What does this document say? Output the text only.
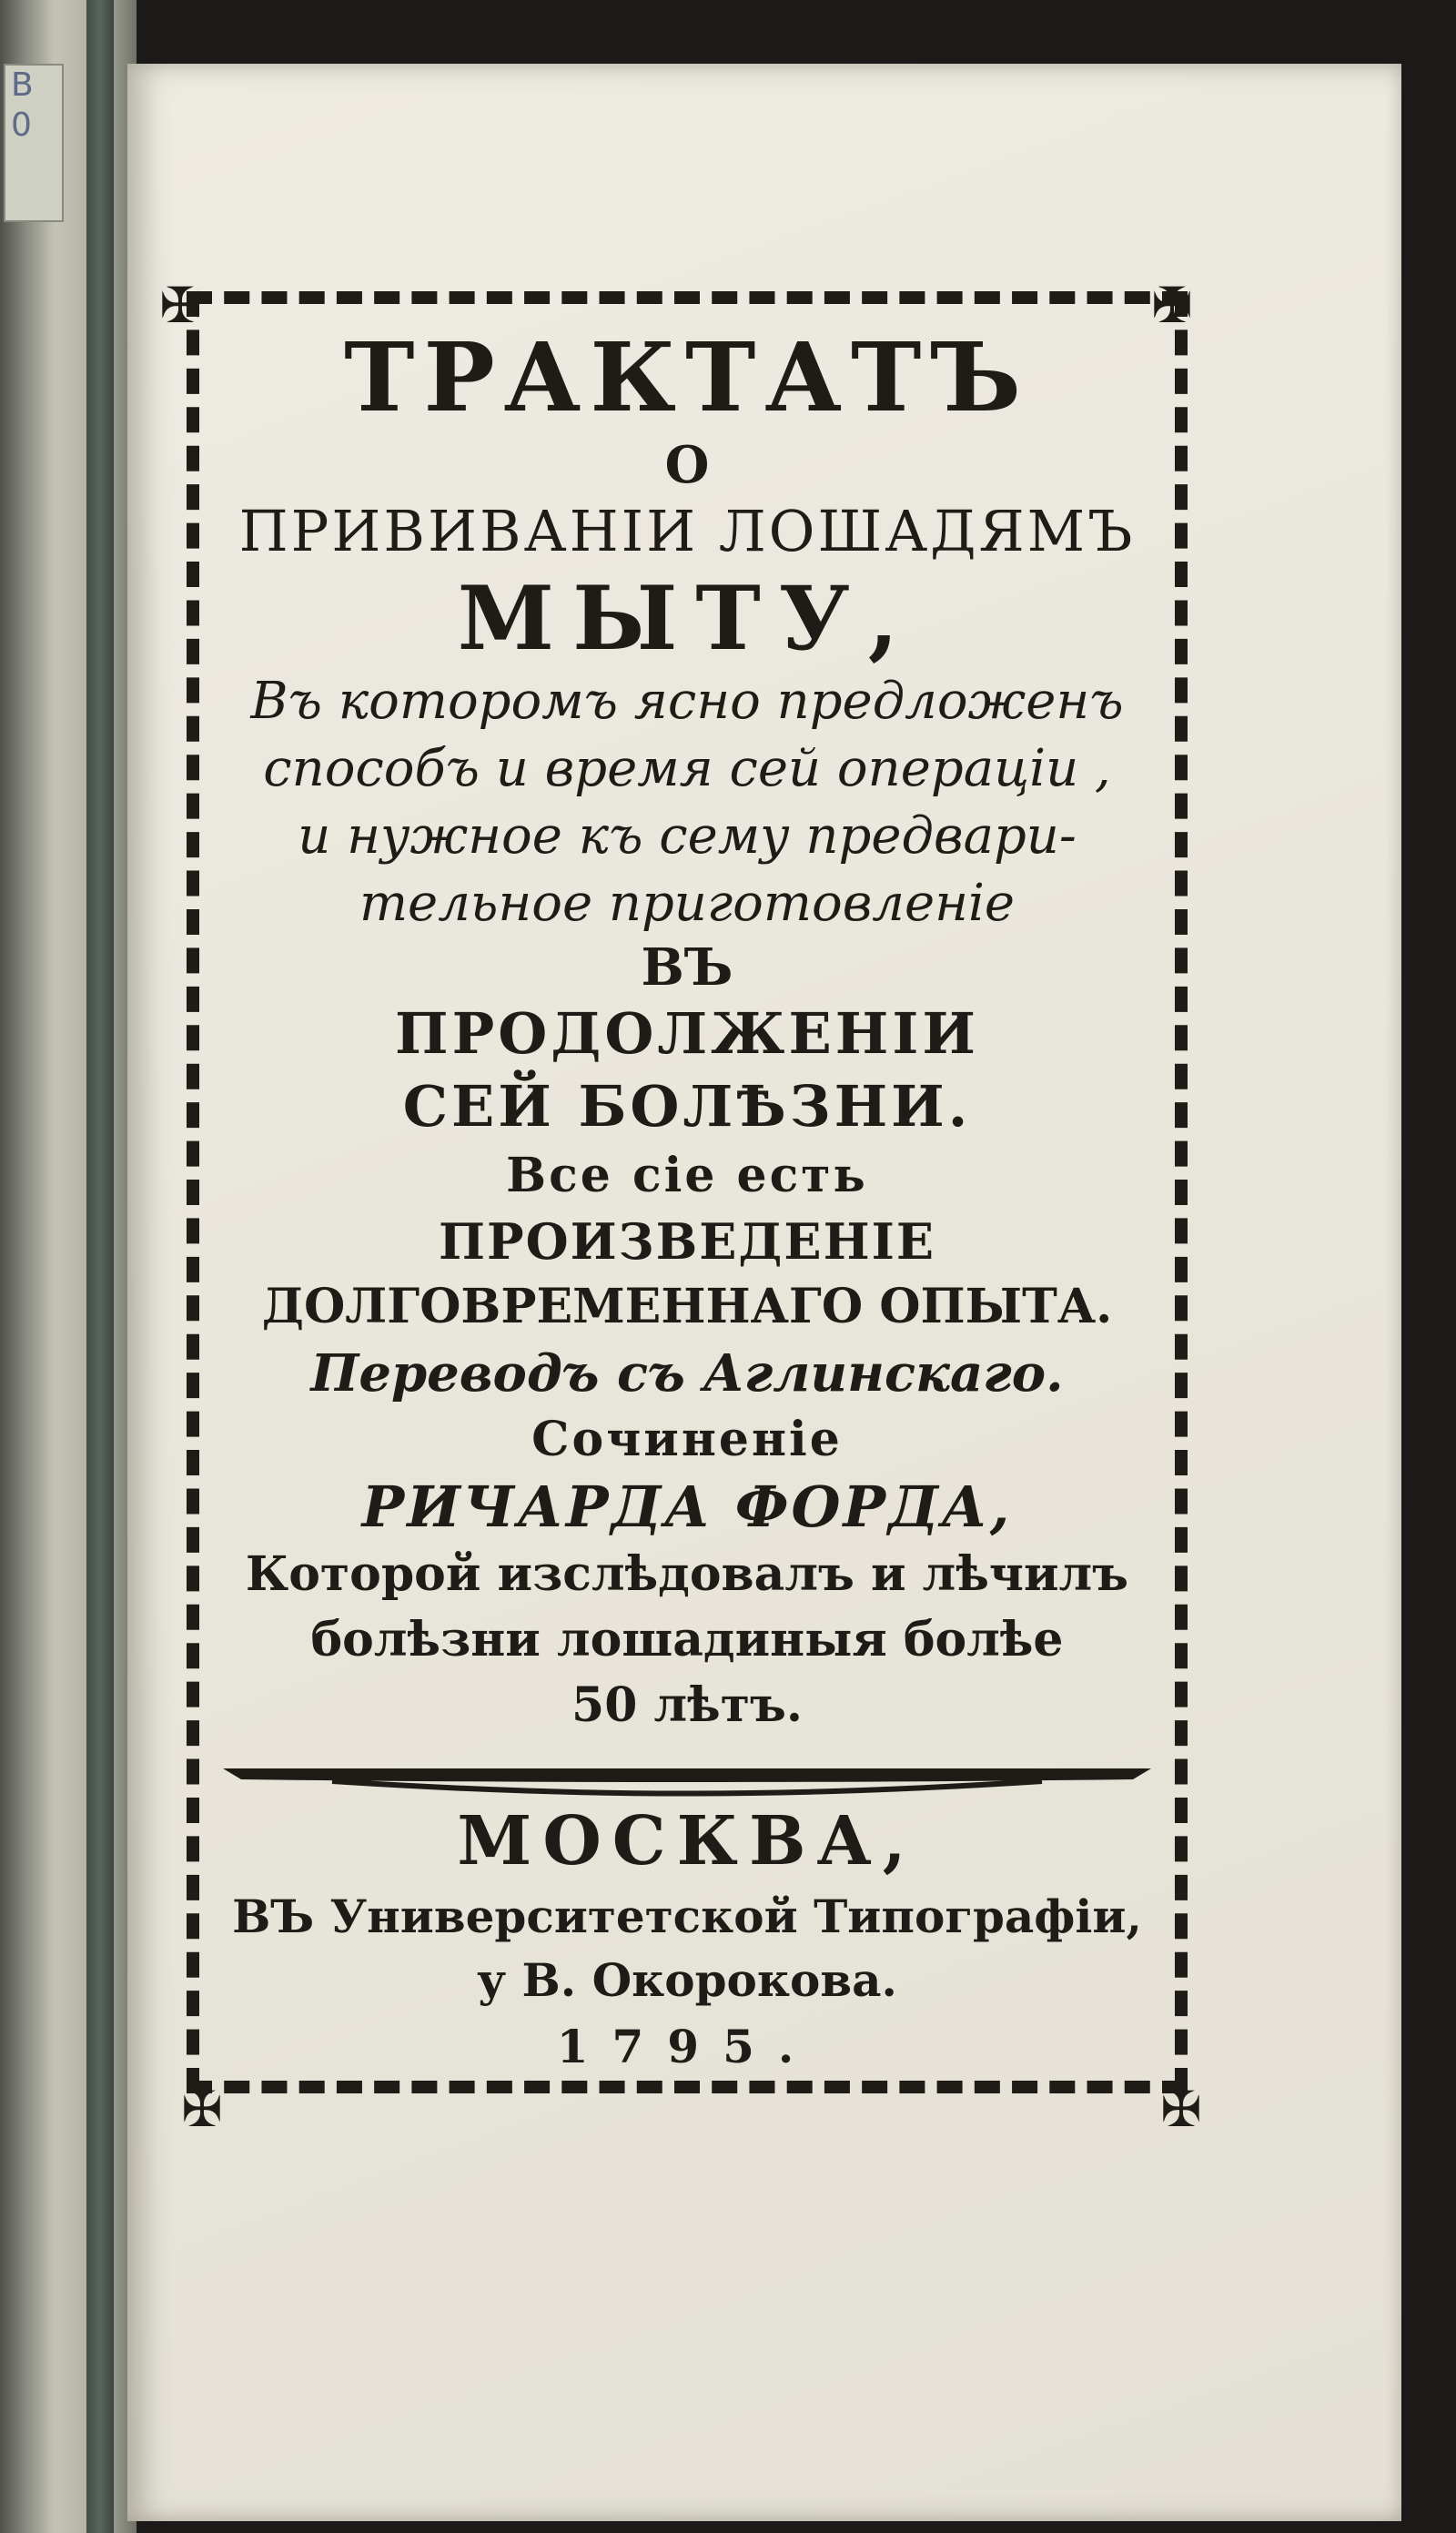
В
0
✠	✠
✠	✠
ТРАКТАТЪ
О
ПРИВИВАНІИ ЛОШАДЯМЪ
МЫТУ,
Въ которомъ ясно предложенъ
способъ и время сей операціи ,
и нужное къ сему предвари-
тельное приготовленіе
ВЪ
ПРОДОЛЖЕНІИ
СЕЙ БОЛѢЗНИ.
Все сіе есть
ПРОИЗВЕДЕНІЕ
ДОЛГОВРЕМЕННАГО ОПЫТА.
Переводъ съ Аглинскаго.
Сочиненіе
РИЧАРДА ФОРДА,
Которой изслѣдовалъ и лѣчилъ
болѣзни лошадиныя болѣе
50 лѣтъ.
МОСКВА,
ВЪ Университетской Типографіи,
у В. Окорокова.
1795.
